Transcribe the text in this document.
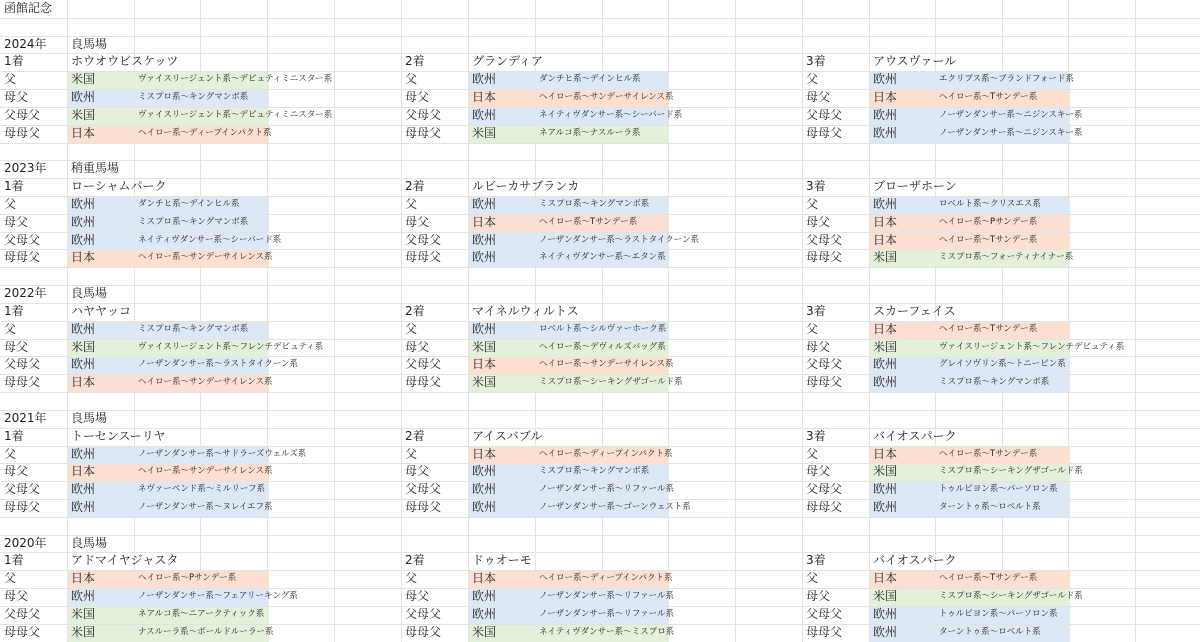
函館記念
2024年 良馬場
1着	ホウオウビスケッツ
父	米国	ヴァイスリージェント系～デピュティミニスター系
母父	欧州	ミスプロ系～キングマンボ系
父母父	米国	ヴァイスリージェント系～デピュティミニスター系
母母父	日本	ヘイロー系～ディープインパクト系
2着	グランディア
父	欧州	ダンチヒ系～デインヒル系
母父	日本	ヘイロー系～サンデーサイレンス系
父母父	欧州	ネイティヴダンサー系～シーバード系
母母父	米国	ネアルコ系～ナスルーラ系
3着	アウスヴァール
父	欧州	エクリプス系～ブランドフォード系
母父	日本	ヘイロー系～Tサンデー系
父母父	欧州	ノーザンダンサー系～ニジンスキー系
母母父	欧州	ノーザンダンサー系～ニジンスキー系
2023年 稍重馬場
1着	ローシャムパーク
父	欧州	ダンチヒ系～デインヒル系
母父	欧州	ミスプロ系～キングマンボ系
父母父	欧州	ネイティヴダンサー系～シーバード系
母母父	日本	ヘイロー系～サンデーサイレンス系
2着	ルビーカサブランカ
父	欧州	ミスプロ系～キングマンボ系
母父	日本	ヘイロー系～Tサンデー系
父母父	欧州	ノーザンダンサー系～ラストタイクーン系
母母父	欧州	ネイティヴダンサー系～エタン系
3着	ブローザホーン
父	欧州	ロベルト系～クリスエス系
母父	日本	ヘイロー系～Pサンデー系
父母父	日本	ヘイロー系～Tサンデー系
母母父	米国	ミスプロ系～フォーティナイナー系
2022年 良馬場
1着	ハヤヤッコ
父	欧州	ミスプロ系～キングマンボ系
母父	米国	ヴァイスリージェント系～フレンチデピュティ系
父母父	欧州	ノーザンダンサー系～ラストタイクーン系
母母父	日本	ヘイロー系～サンデーサイレンス系
2着	マイネルウィルトス
父	欧州	ロベルト系～シルヴァーホーク系
母父	米国	ヘイロー系～デヴィルズバッグ系
父母父	日本	ヘイロー系～サンデーサイレンス系
母母父	米国	ミスプロ系～シーキングザゴールド系
3着	スカーフェイス
父	日本	ヘイロー系～Tサンデー系
母父	米国	ヴァイスリージェント系～フレンチデピュティ系
父母父	欧州	グレイソヴリン系～トニービン系
母母父	欧州	ミスプロ系～キングマンボ系
2021年 良馬場
1着	トーセンスーリヤ
父	欧州	ノーザンダンサー系～サドラーズウェルズ系
母父	日本	ヘイロー系～サンデーサイレンス系
父母父	欧州	ネヴァーベンド系～ミルリーフ系
母母父	欧州	ノーザンダンサー系～ヌレイエフ系
2着	アイスバブル
父	日本	ヘイロー系～ディープインパクト系
母父	欧州	ミスプロ系～キングマンボ系
父母父	欧州	ノーザンダンサー系～リファール系
母母父	欧州	ノーザンダンサー系～ゴーンウェスト系
3着	バイオスパーク
父	日本	ヘイロー系～Tサンデー系
母父	米国	ミスプロ系～シーキングザゴールド系
父母父	欧州	トゥルビヨン系～パーソロン系
母母父	欧州	ターントゥ系～ロベルト系
2020年 良馬場
1着	アドマイヤジャスタ
父	日本	ヘイロー系～Pサンデー系
母父	欧州	ノーザンダンサー系～フェアリーキング系
父母父	米国	ネアルコ系～ニアークティック系
母母父	米国	ナスルーラ系～ボールドルーラー系
2着	ドゥオーモ
父	日本	ヘイロー系～ディープインパクト系
母父	欧州	ノーザンダンサー系～リファール系
父母父	欧州	ノーザンダンサー系～リファール系
母母父	米国	ネイティヴダンサー系～ミスプロ系
3着	バイオスパーク
父	日本	ヘイロー系～Tサンデー系
母父	米国	ミスプロ系～シーキングザゴールド系
父母父	欧州	トゥルビヨン系～パーソロン系
母母父	欧州	ターントゥ系～ロベルト系
